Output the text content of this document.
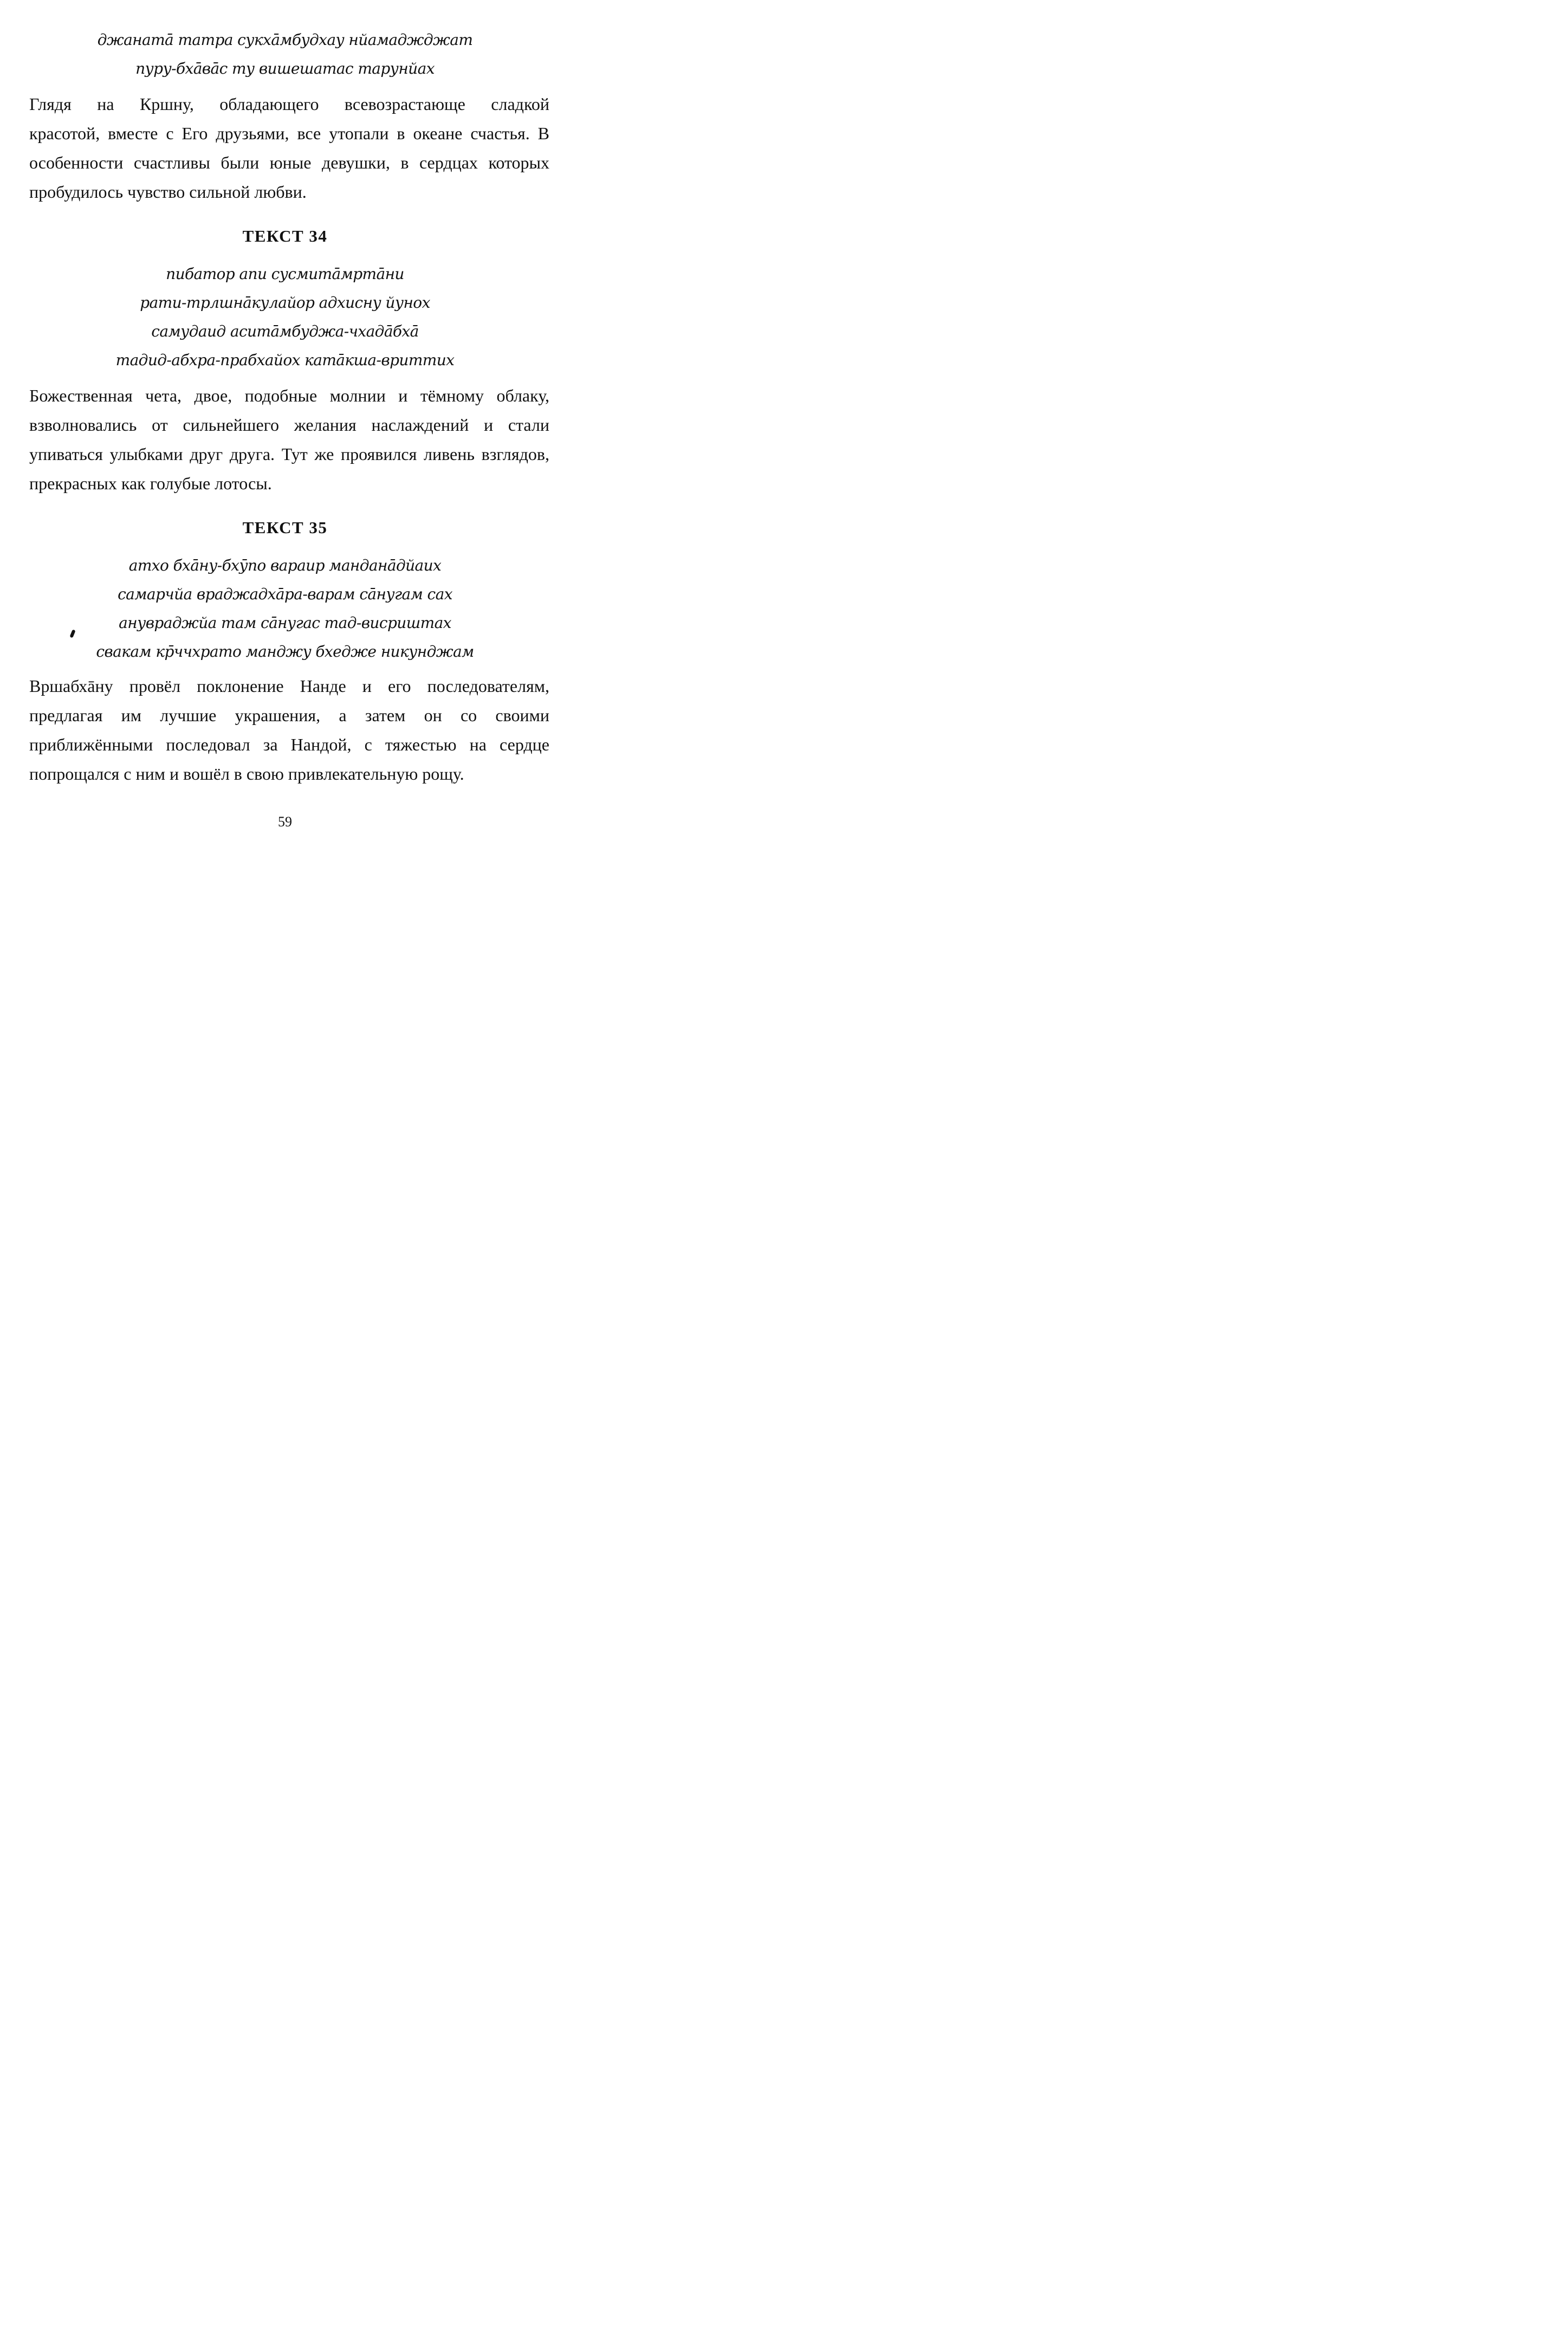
джанатā татра сукхāмбудхау нйамаджджат
пуру-бхāвāс ту вишешатас тарунйах
Глядя на Кршну, обладающего всевозрастающе сладкой
красотой, вместе с Его друзьями, все утопали в океане счастья. В
особенности счастливы были юные девушки, в сердцах которых
пробудилось чувство сильной любви.
ТЕКСТ 34
пибатор апи сусмитāмртāни
рати-трлшнāкулайор адхисну йунох
самудаид аситāмбуджа-чхадāбхā
тадид-абхра-прабхайох катāкша-вриттих
Божественная чета, двое, подобные молнии и тёмному облаку,
взволновались от сильнейшего желания наслаждений и стали
упиваться улыбками друг друга. Тут же проявился ливень взглядов,
прекрасных как голубые лотосы.
ТЕКСТ 35
атхо бхāну-бхӯпо вараир мандана̄дйаих
самарчйа враджадхāра-варам сāнугам сах
анувраджйа там сāнугас тад-висриштах
свакам кр̄ччхрато манджу бхедже никунджам
Вршабхāну провёл поклонение Нанде и его последователям,
предлагая им лучшие украшения, а затем он со своими
приближёнными последовал за Нандой, с тяжестью на сердце
попрощался с ним и вошёл в свою привлекательную рощу.
59
